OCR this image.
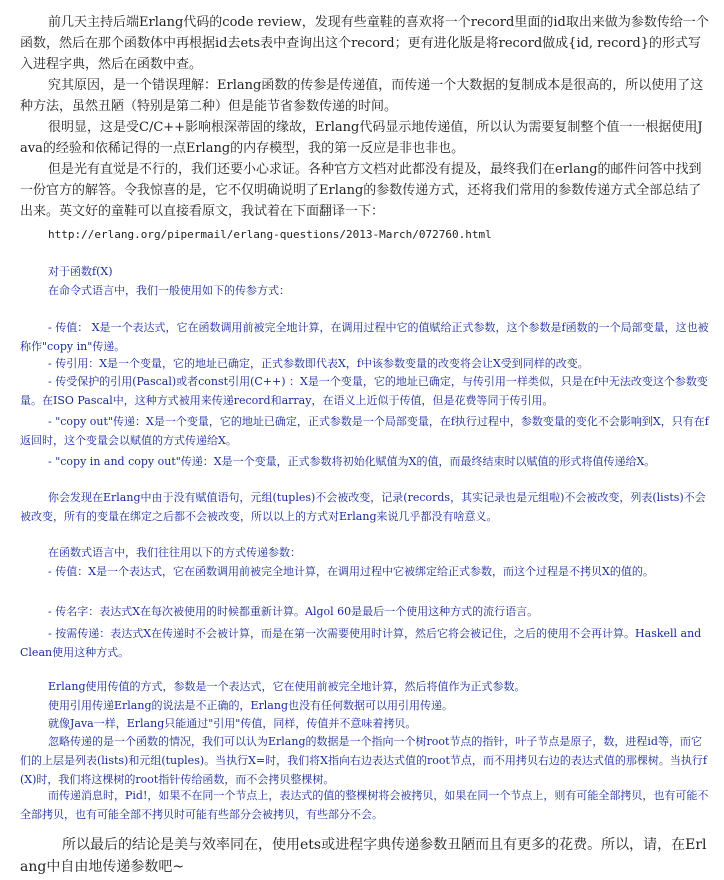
前几天主持后端Erlang代码的code review，发现有些童鞋的喜欢将一个record里面的id取出来做为参数传给一个函数，然后在那个函数体中再根据id去ets表中查询出这个record；更有进化版是将record做成{id, record}的形式写入进程字典，然后在函数中查。

究其原因，是一个错误理解：Erlang函数的传参是传递值，而传递一个大数据的复制成本是很高的，所以使用了这种方法，虽然丑陋（特别是第二种）但是能节省参数传递的时间。

很明显，这是受C/C++影响根深蒂固的缘故，Erlang代码显示地传递值，所以认为需要复制整个值一一根据使用Java的经验和依稀记得的一点Erlang的内存模型，我的第一反应是非也非也。

但是光有直觉是不行的，我们还要小心求证。各种官方文档对此都没有提及，最终我们在erlang的邮件问答中找到一份官方的解答。令我惊喜的是，它不仅明确说明了Erlang的参数传递方式，还将我们常用的参数传递方式全部总结了出来。英文好的童鞋可以直接看原文，我试着在下面翻译一下：

http://erlang.org/pipermail/erlang-questions/2013-March/072760.html

对于函数f(X)

在命令式语言中，我们一般使用如下的传参方式：

- 传值： X是一个表达式，它在函数调用前被完全地计算，在调用过程中它的值赋给正式参数，这个参数是f函数的一个局部变量，这也被称作"copy in"传递。

- 传引用：X是一个变量，它的地址已确定，正式参数即代表X，f中该参数变量的改变将会让X受到同样的改变。

- 传受保护的引用(Pascal)或者const引用(C++) ：X是一个变量，它的地址已确定，与传引用一样类似，只是在f中无法改变这个参数变量。在ISO Pascal中，这种方式被用来传递record和array，在语义上近似于传值，但是花费等同于传引用。

- "copy out"传递：X是一个变量，它的地址已确定，正式参数是一个局部变量，在f执行过程中，参数变量的变化不会影响到X，只有在f返回时，这个变量会以赋值的方式传递给X。

- "copy in and copy out"传递：X是一个变量，正式参数将初始化赋值为X的值，而最终结束时以赋值的形式将值传递给X。

你会发现在Erlang中由于没有赋值语句，元组(tuples)不会被改变，记录(records，其实记录也是元组啦)不会被改变，列表(lists)不会被改变，所有的变量在绑定之后都不会被改变，所以以上的方式对Erlang来说几乎都没有啥意义。

在函数式语言中，我们往往用以下的方式传递参数：

- 传值：X是一个表达式，它在函数调用前被完全地计算，在调用过程中它被绑定给正式参数，而这个过程是不拷贝X的值的。

- 传名字：表达式X在每次被使用的时候都重新计算。Algol 60是最后一个使用这种方式的流行语言。

- 按需传递：表达式X在传递时不会被计算，而是在第一次需要使用时计算，然后它将会被记住，之后的使用不会再计算。Haskell and Clean使用这种方式。

Erlang使用传值的方式，参数是一个表达式，它在使用前被完全地计算，然后将值作为正式参数。

使用引用传递Erlang的说法是不正确的，Erlang也没有任何数据可以用引用传递。

就像Java一样，Erlang只能通过"引用"传值，同样，传值并不意味着拷贝。

忽略传递的是一个函数的情况，我们可以认为Erlang的数据是一个指向一个树root节点的指针，叶子节点是原子，数，进程id等，而它们的上层是列表(lists)和元组(tuples)。当执行X=时，我们将X指向右边表达式值的root节点，而不用拷贝右边的表达式值的那棵树。当执行f(X)时，我们将这棵树的root指针传给函数，而不会拷贝整棵树。

而传递消息时，Pid!，如果不在同一个节点上，表达式的值的整棵树将会被拷贝，如果在同一个节点上，则有可能全部拷贝，也有可能不全部拷贝，也有可能全部不拷贝时可能有些部分会被拷贝，有些部分不会。

所以最后的结论是美与效率同在，使用ets或进程字典传递参数丑陋而且有更多的花费。所以，请，在Erlang中自由地传递参数吧~
